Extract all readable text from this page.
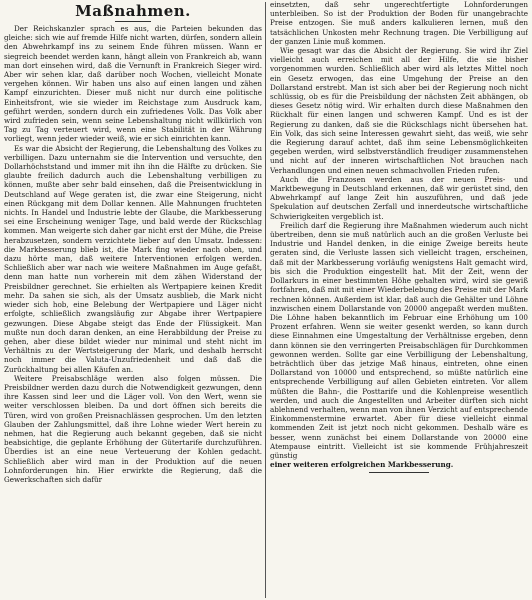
Maßnahmen.

Der Reichskanzler sprach es aus, die Parteien bekunden das gleiche: sich wie auf fremde Hilfe nicht warten, dürfen, sondern allein den Abwehrkampf ins zu seinem Ende führen müssen. Wann er siegreich beendet werden kann, hängt allein von Frankreich ab, wann man dort einsehen wird, daß die Vernunft in Frankreich Sieger wird. Aber wir sehen klar, daß darüber noch Wochen, vielleicht Monate vergehen können. Wir haben uns also auf einen langen und zähen Kampf einzurichten. Dieser muß nicht nur durch eine politische Einheitsfront, wie sie wieder im Reichstage zum Ausdruck kam, geführt werden, sondern durch ein zufriedenes Volk. Das Volk aber wird zufrieden sein, wenn seine Lebenshaltung nicht willkürlich von Tag zu Tag verteuert wird, wenn eine Stabilität in der Währung vorliegt, wenn jeder wieder weiß, wie er sich einrichten kann.

Es war die Absicht der Regierung, die Lebenshaltung des Volkes zu verbilligen. Dazu unternahm sie die Intervention und versuchte, den Dollarhöchststand und immer mit ihn ihn die Hälfte zu drücken. Sie glaubte freilich dadurch auch die Lebenshaltung verbilligen zu können, mußte aber sehr bald einsehen, daß die Preisentwicklung in Deutschland auf Wege geraten ist, die zwar eine Steigerung, nicht einen Rückgang mit dem Dollar kennen. Alle Mahnungen fruchteten nichts. In Handel und Industrie lebte der Glaube, die Markbesserung sei eine Erscheinung weniger Tage, und bald werde der Rückschlag kommen. Man weigerte sich daher gar nicht erst der Mühe, die Preise herabzusetzen, sondern verzichtete lieber auf den Umsatz. Indessen: die Markbesserung blieb ist, die Mark fing wieder nach oben, und dazu hörte man, daß weitere Interventionen erfolgen werden. Schließlich aber war nach wie weitere Maßnahmen im Auge gefaßt, denn man hatte nun vorherein mit dem zähen Widerstand der Preisbildner gerechnet. Sie erhielten als Wertpapiere keinen Kredit mehr. Da sahen sie sich, als der Umsatz ausblieb, die Mark nicht wieder sich hob, eine Belebung der Wertpapiere und Läger nicht erfolgte, schließlich zwangsläufig zur Abgabe ihrer Wertpapiere gezwungen. Diese Abgabe steigt das Ende der Flüssigkeit. Man mußte nun doch daran denken, an eine Herabbildung der Preise zu gehen, aber diese bildet wieder nur minimal und steht nicht im Verhältnis zu der Wertsteigerung der Mark, und deshalb herrscht noch immer die Valuta-Unzufriedenheit und daß daß die Zurückhaltung bei allen Käufen an.

Weitere Preisabschläge werden also folgen müssen. Die Preisbildner werden dazu durch die Notwendigkeit gezwungen, denn ihre Kassen sind leer und die Läger voll. Von den Wert, wenn sie weiter verschlossen bleiben. Da und dort öffnen sich bereits die Türen, wird von großen Preisnachlässen gesprochen. Um den letzten Glauben der Zahlungsmittel, daß ihre Lohne wieder Wert herein zu nehmen, hat die Regierung auch bekannt gegeben, daß sie nicht beabsichtige, die geplante Erhöhung der Gütertarife durchzuführen. Überdies ist an eine neue Verteuerung der Kohlen gedacht. Schließlich aber wird man in der Produktion auf die neuen Lohnforderungen hin. Hier erwirkte die Regierung, daß die Gewerkschaften sich dafür

einsetzten, daß sehr ungerechtfertigte Lohnforderungen unterbleiben. So ist der Produktion der Boden für unangebrachte Preise entzogen. Sie muß anders kalkulieren lernen, muß den tatsächlichen Unkosten mehr Rechnung tragen. Die Verbilligung auf der ganzen Linie muß kommen.

Wie gesagt war das die Absicht der Regierung. Sie wird ihr Ziel vielleicht auch erreichen mit all der Hilfe, die sie bisher vorgenommen wurden. Schließlich aber wird als letztes Mittel noch ein Gesetz erwogen, das eine Umgehung der Preise an den Dollarstand erstrebt. Man ist sich aber bei der Regierung noch nicht schlüssig, ob es für die Preisbildung der nächsten Zeit abhängen, ob dieses Gesetz nötig wird. Wir erhalten durch diese Maßnahmen den Rückhalt für einen langen und schweren Kampf. Und es ist der Regierung zu danken, daß sie die Rückschlags nicht übersehen hat. Ein Volk, das sich seine Interessen gewahrt sieht, das weiß, wie sehr die Regierung darauf achtet, daß ihm seine Lebensmöglichkeiten gegeben werden, wird selbstverständlich freudiger zusammenstehen und nicht auf der inneren wirtschaftlichen Not brauchen nach Verhandlungen und einen neuen schmachvollen Frieden rufen.

Auch die Franzosen werden aus der neuen Preis- und Marktbewegung in Deutschland erkennen, daß wir gerüstet sind, den Abwehrkampf auf lange Zeit hin auszuführen, und daß jede Spekulation auf deutschen Zerfall und innerdeutsche wirtschaftliche Schwierigkeiten vergeblich ist.

Freilich darf die Regierung ihre Maßnahmen wiederum auch nicht übertreiben, denn sie muß natürlich auch an die großen Verluste bei Industrie und Handel denken, in die einige Zweige bereits heute geraten sind, die Verluste lassen sich vielleicht tragen, erscheinen, daß mit der Markbesserung vorläufig wenigstens Halt gemacht wird, bis sich die Produktion eingestellt hat. Mit der Zeit, wenn der Dollarkurs in einer bestimmten Höhe gehalten wird, wird sie gewiß fortfahren, daß mit mit einer Wiederbelebung des Preise mit der Mark rechnen können. Außerdem ist klar, daß auch die Gehälter und Löhne inzwischen einem Dollarstande von 20000 angepaßt werden mußten. Die Löhne haben bekanntlich im Februar eine Erhöhung um 100 Prozent erfahren. Wenn sie weiter gesenkt werden, so kann durch diese Einnahmen eine Umgestaltung der Verhältnisse ergeben, denn dann können sie den verringerten Preisabschlägen für Durchkommen gewonnen werden. Sollte gar eine Verbilligung der Lebenshaltung, beträchtlich über das jetzige Maß hinaus, eintreten, ohne einen Dollarstand von 10000 und entsprechend, so müßte natürlich eine entsprechende Verbilligung auf allen Gebieten eintreten. Vor allem müßten die Bahn-, die Posttarife und die Kohlenpreise wesentlich werden, und auch die Angestellten und Arbeiter dürften sich nicht ablehnend verhalten, wenn man von ihnen Verzicht auf entsprechende Einkommenstermine erwartet. Aber für diese vielleicht einmal kommenden Zeit ist jetzt noch nicht gekommen. Deshalb wäre es besser, wenn zunächst bei einem Dollarstande von 20000 eine Atempause eintritt. Vielleicht ist sie kommende Frühjahreszeit günstig

einer weiteren erfolgreichen Markbesserung.
